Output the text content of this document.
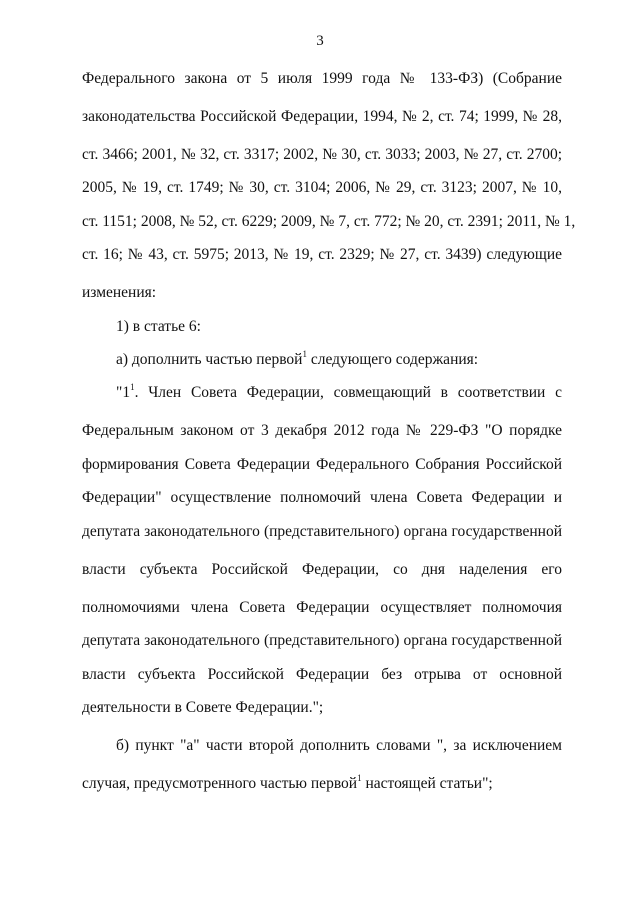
3
Федерального закона от 5 июля 1999 года № 133-ФЗ) (Собрание
законодательства Российской Федерации, 1994, № 2, ст. 74; 1999, № 28,
ст. 3466; 2001, № 32, ст. 3317; 2002, № 30, ст. 3033; 2003, № 27, ст. 2700;
2005, № 19, ст. 1749; № 30, ст. 3104; 2006, № 29, ст. 3123; 2007, № 10,
ст. 1151; 2008, № 52, ст. 6229; 2009, № 7, ст. 772; № 20, ст. 2391; 2011, № 1,
ст. 16; № 43, ст. 5975; 2013, № 19, ст. 2329; № 27, ст. 3439) следующие
изменения:
1) в статье 6:
а) дополнить частью первой$^1$ следующего содержания:
"$1^1$. Член Совета Федерации, совмещающий в соответствии с
Федеральным законом от 3 декабря 2012 года № 229-ФЗ "О порядке
формирования Совета Федерации Федерального Собрания Российской
Федерации" осуществление полномочий члена Совета Федерации и
депутата законодательного (представительного) органа государственной
власти субъекта Российской Федерации, со дня наделения его
полномочиями члена Совета Федерации осуществляет полномочия
депутата законодательного (представительного) органа государственной
власти субъекта Российской Федерации без отрыва от основной
деятельности в Совете Федерации.";
б) пункт "а" части второй дополнить словами ", за исключением
случая, предусмотренного частью первой$^1$ настоящей статьи";
